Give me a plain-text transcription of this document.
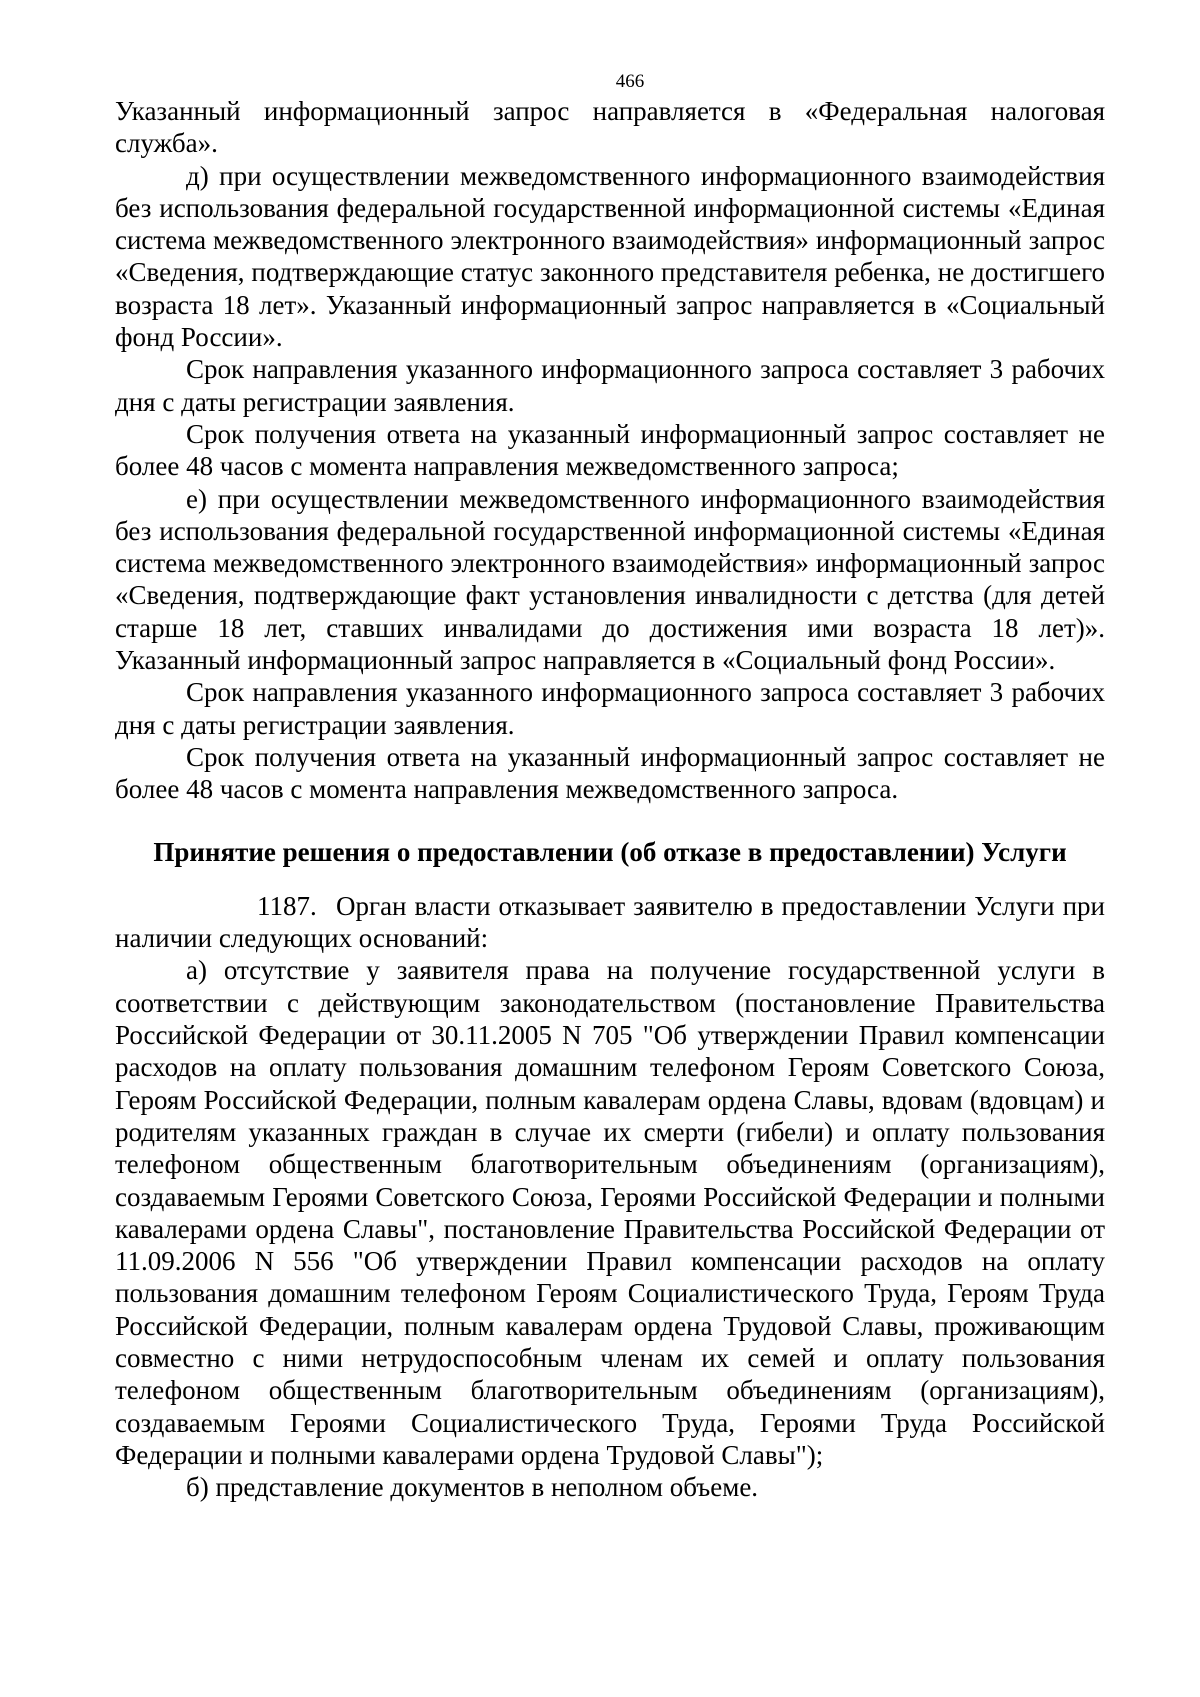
466

Указанный информационный запрос направляется в «Федеральная налоговая служба».

д) при осуществлении межведомственного информационного взаимодействия без использования федеральной государственной информационной системы «Единая система межведомственного электронного взаимодействия» информационный запрос «Сведения, подтверждающие статус законного представителя ребенка, не достигшего возраста 18 лет». Указанный информационный запрос направляется в «Социальный фонд России».

Срок направления указанного информационного запроса составляет 3 рабочих дня с даты регистрации заявления.

Срок получения ответа на указанный информационный запрос составляет не более 48 часов с момента направления межведомственного запроса;

е) при осуществлении межведомственного информационного взаимодействия без использования федеральной государственной информационной системы «Единая система межведомственного электронного взаимодействия» информационный запрос «Сведения, подтверждающие факт установления инвалидности с детства (для детей старше 18 лет, ставших инвалидами до достижения ими возраста 18 лет)». Указанный информационный запрос направляется в «Социальный фонд России».

Срок направления указанного информационного запроса составляет 3 рабочих дня с даты регистрации заявления.

Срок получения ответа на указанный информационный запрос составляет не более 48 часов с момента направления межведомственного запроса.

Принятие решения о предоставлении (об отказе в предоставлении) Услуги

1187. Орган власти отказывает заявителю в предоставлении Услуги при наличии следующих оснований:

а) отсутствие у заявителя права на получение государственной услуги в соответствии с действующим законодательством (постановление Правительства Российской Федерации от 30.11.2005 N 705 "Об утверждении Правил компенсации расходов на оплату пользования домашним телефоном Героям Советского Союза, Героям Российской Федерации, полным кавалерам ордена Славы, вдовам (вдовцам) и родителям указанных граждан в случае их смерти (гибели) и оплату пользования телефоном общественным благотворительным объединениям (организациям), создаваемым Героями Советского Союза, Героями Российской Федерации и полными кавалерами ордена Славы", постановление Правительства Российской Федерации от 11.09.2006 N 556 "Об утверждении Правил компенсации расходов на оплату пользования домашним телефоном Героям Социалистического Труда, Героям Труда Российской Федерации, полным кавалерам ордена Трудовой Славы, проживающим совместно с ними нетрудоспособным членам их семей и оплату пользования телефоном общественным благотворительным объединениям (организациям), создаваемым Героями Социалистического Труда, Героями Труда Российской Федерации и полными кавалерами ордена Трудовой Славы");

б) представление документов в неполном объеме.
